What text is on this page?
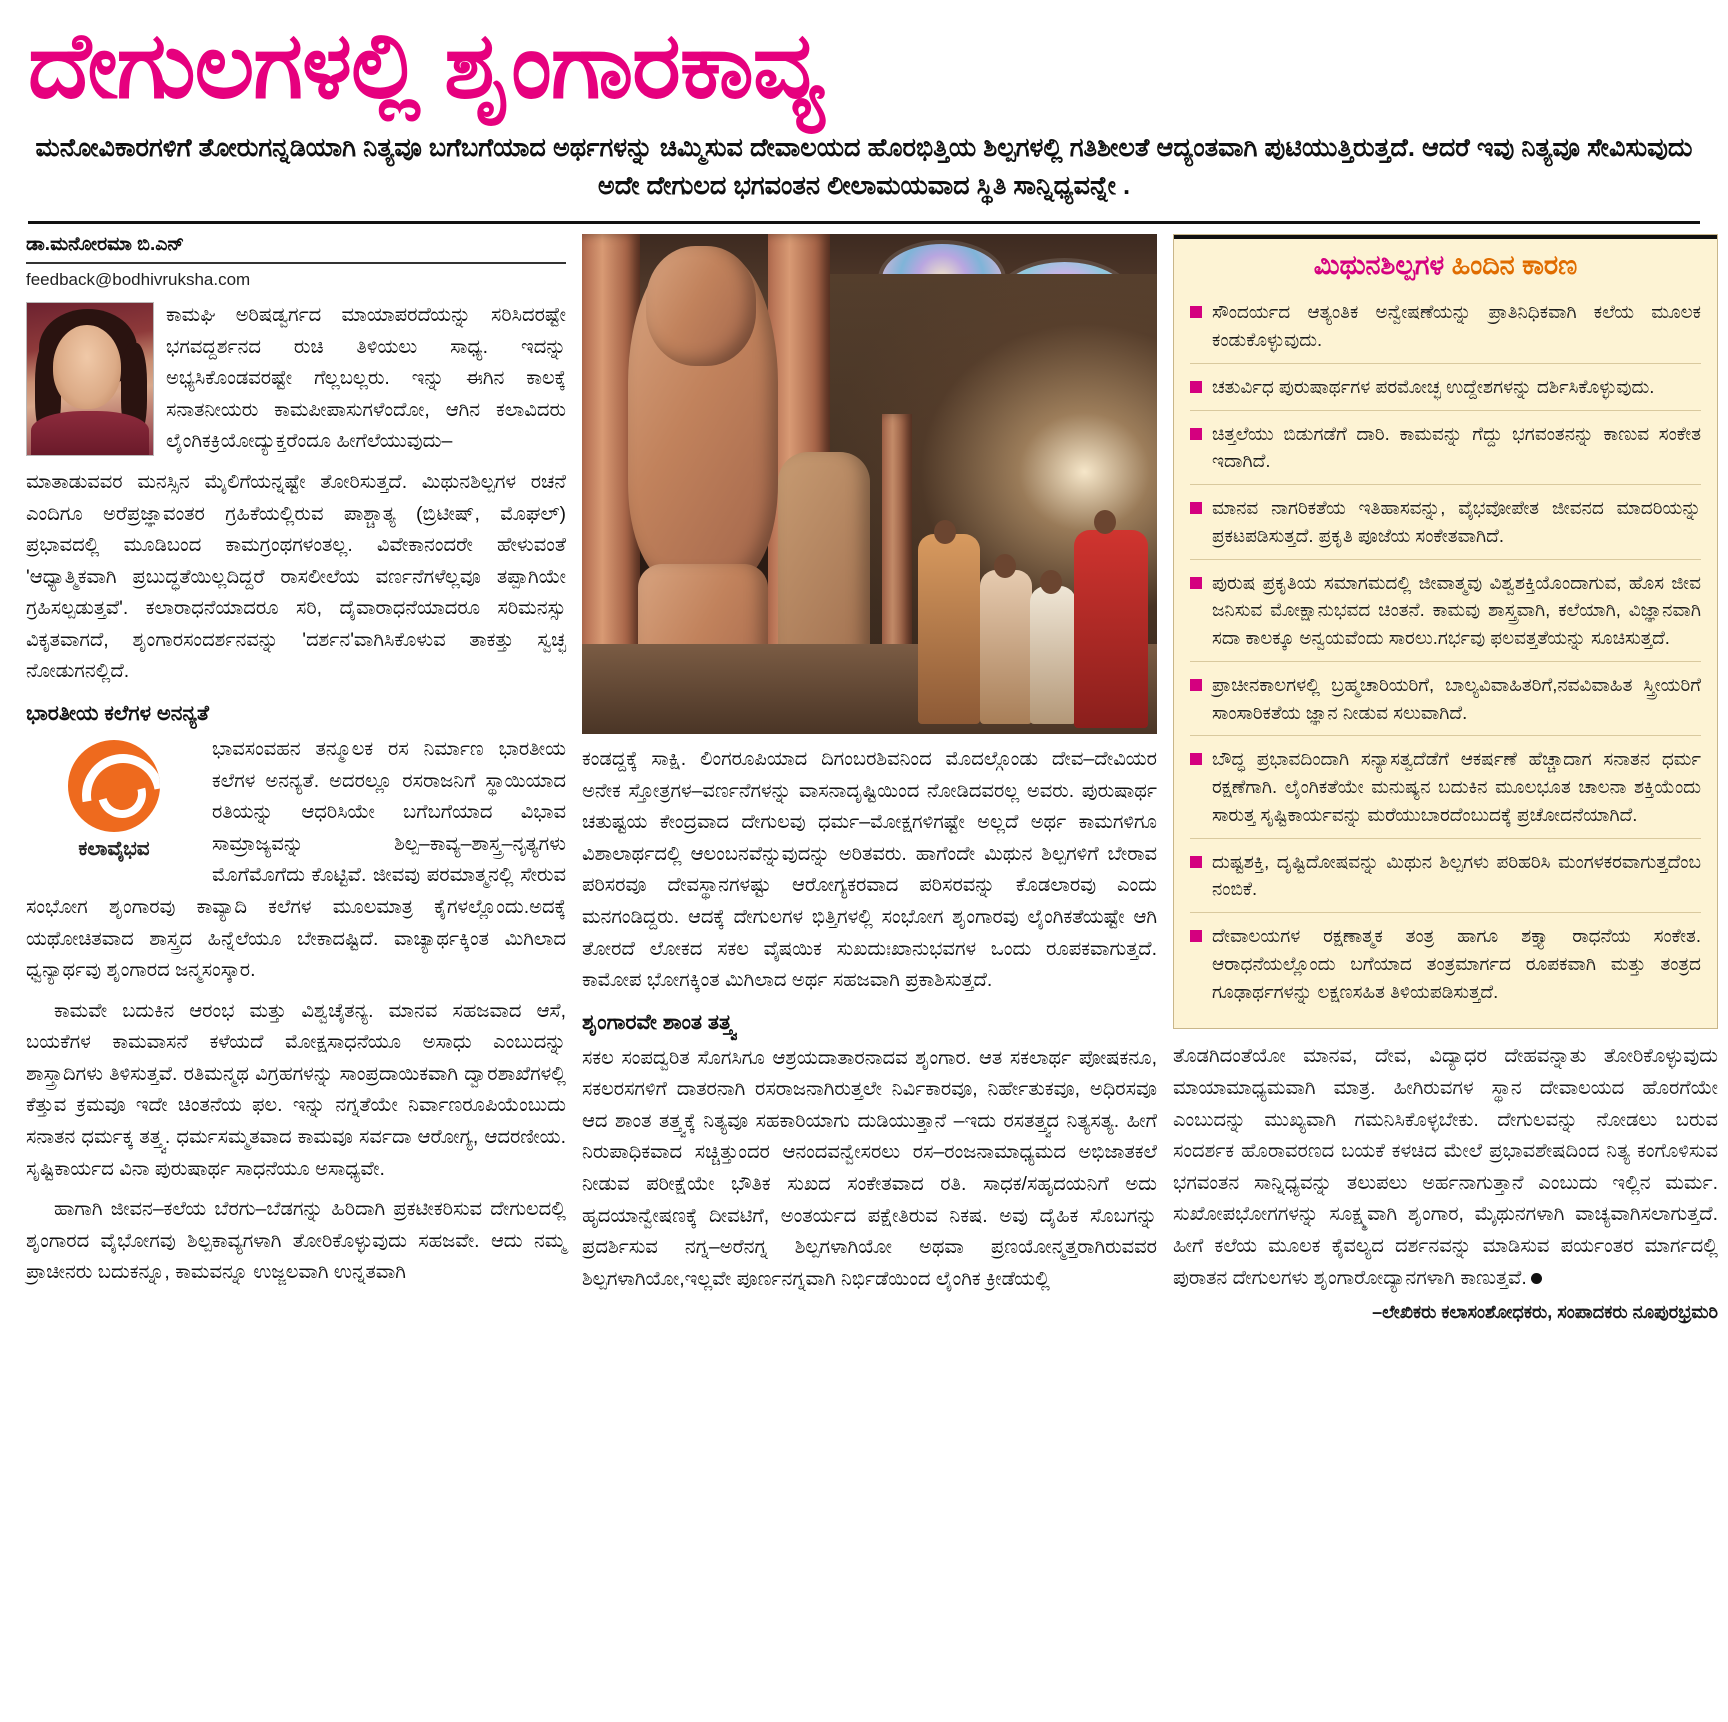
ದೇಗುಲಗಳಲ್ಲಿ ಶೃಂಗಾರಕಾವ್ಯ
ಮನೋವಿಕಾರಗಳಿಗೆ ತೋರುಗನ್ನಡಿಯಾಗಿ ನಿತ್ಯವೂ ಬಗೆಬಗೆಯಾದ ಅರ್ಥಗಳನ್ನು ಚಿಮ್ಮಿಸುವ ದೇವಾಲಯದ ಹೊರಭಿತ್ತಿಯ ಶಿಲ್ಪಗಳಲ್ಲಿ ಗತಿಶೀಲತೆ ಆದ್ಯಂತವಾಗಿ ಪುಟಿಯುತ್ತಿರುತ್ತದೆ. ಆದರೆ ಇವು ನಿತ್ಯವೂ ಸೇವಿಸುವುದು ಅದೇ ದೇಗುಲದ ಭಗವಂತನ ಲೀಲಾಮಯವಾದ ಸ್ಥಿತಿ ಸಾನ್ನಿಧ್ಯವನ್ನೇ .
ಡಾ.ಮನೋರಮಾ ಬಿ.ಎನ್
feedback@bodhivruksha.com

ಕಾಮಘಿ ಅರಿಷಡ್ವರ್ಗದ ಮಾಯಾಪರದೆಯನ್ನು ಸರಿಸಿದರಷ್ಟೇ ಭಗವದ್ದರ್ಶನದ ರುಚಿ ತಿಳಿಯಲು ಸಾಧ್ಯ. ಇದನ್ನು ಅಭ್ಯಸಿಕೊಂಡವರಷ್ಟೇ ಗೆಲ್ಲಬಲ್ಲರು. ಇನ್ನು ಈಗಿನ ಕಾಲಕ್ಕೆ ಸನಾತನೀಯರು ಕಾಮಪೀಪಾಸುಗಳೆಂದೋ, ಆಗಿನ ಕಲಾವಿದರು ಲೈಂಗಿಕಕ್ರಿಯೋದ್ಯುಕ್ತರೆಂದೂ ಹೀಗೆಲೆಯುವುದು–

ಮಾತಾಡುವವರ ಮನಸ್ಸಿನ ಮೈಲಿಗೆಯನ್ನಷ್ಟೇ ತೋರಿಸುತ್ತದೆ. ಮಿಥುನಶಿಲ್ಪಗಳ ರಚನೆ ಎಂದಿಗೂ ಅರೆಪ್ರಜ್ಞಾವಂತರ ಗ್ರಹಿಕೆಯಲ್ಲಿರುವ ಪಾಶ್ಚಾತ್ಯ (ಬ್ರಿಟೀಷ್, ಮೊಘಲ್) ಪ್ರಭಾವದಲ್ಲಿ ಮೂಡಿಬಂದ ಕಾಮಗ್ರಂಥಗಳಂತಲ್ಲ. ವಿವೇಕಾನಂದರೇ ಹೇಳುವಂತೆ 'ಆಧ್ಯಾತ್ಮಿಕವಾಗಿ ಪ್ರಬುದ್ಧತೆಯಿಲ್ಲದಿದ್ದರೆ ರಾಸಲೀಲೆಯ ವರ್ಣನೆಗಳೆಲ್ಲವೂ ತಪ್ಪಾಗಿಯೇ ಗ್ರಹಿಸಲ್ಪಡುತ್ತವೆ'. ಕಲಾರಾಧನೆಯಾದರೂ ಸರಿ, ದೈವಾರಾಧನೆಯಾದರೂ ಸರಿಮನಸ್ಸು ವಿಕೃತವಾಗದೆ, ಶೃಂಗಾರಸಂದರ್ಶನವನ್ನು 'ದರ್ಶನ'ವಾಗಿಸಿಕೊಳುವ ತಾಕತ್ತು ಸ್ವಚ್ಛ ನೋಡುಗನಲ್ಲಿದೆ.

ಭಾರತೀಯ ಕಲೆಗಳ ಅನನ್ಯತೆ
ಕಲಾವೈಭವ

ಭಾವಸಂವಹನ ತನ್ಮೂಲಕ ರಸ ನಿರ್ಮಾಣ ಭಾರತೀಯ ಕಲೆಗಳ ಅನನ್ಯತೆ. ಅದರಲ್ಲೂ ರಸರಾಜನಿಗೆ ಸ್ಥಾಯಿಯಾದ ರತಿಯನ್ನು ಆಧರಿಸಿಯೇ ಬಗೆಬಗೆಯಾದ ವಿಭಾವ ಸಾಮ್ರಾಜ್ಯವನ್ನು ಶಿಲ್ಪ–ಕಾವ್ಯ–ಶಾಸ್ತ್ರ–ನೃತ್ಯಗಳು ಮೊಗೆಮೊಗೆದು ಕೊಟ್ಟಿವೆ. ಜೀವವು ಪರಮಾತ್ಮನಲ್ಲಿ ಸೇರುವ ಸಂಭೋಗ ಶೃಂಗಾರವು ಕಾವ್ಯಾದಿ ಕಲೆಗಳ ಮೂಲಮಾತ್ರ ಕೈಗಳಲ್ಲೊಂದು.ಅದಕ್ಕೆ ಯಥೋಚಿತವಾದ ಶಾಸ್ತ್ರದ ಹಿನ್ನೆಲೆಯೂ ಬೇಕಾದಷ್ಟಿದೆ. ವಾಚ್ಯಾರ್ಥಕ್ಕಿಂತ ಮಿಗಿಲಾದ ಧ್ವನ್ಯಾರ್ಥವು ಶೃಂಗಾರದ ಜನ್ಮಸಂಸ್ಕಾರ.

ಕಾಮವೇ ಬದುಕಿನ ಆರಂಭ ಮತ್ತು ವಿಶ್ವಚೈತನ್ಯ. ಮಾನವ ಸಹಜವಾದ ಆಸೆ, ಬಯಕೆಗಳ ಕಾಮವಾಸನೆ ಕಳೆಯದೆ ಮೋಕ್ಷಸಾಧನೆಯೂ ಅಸಾಧು ಎಂಬುದನ್ನು ಶಾಸ್ತ್ರಾದಿಗಳು ತಿಳಿಸುತ್ತವೆ. ರತಿಮನ್ಮಥ ವಿಗ್ರಹಗಳನ್ನು ಸಾಂಪ್ರದಾಯಿಕವಾಗಿ ದ್ವಾರಶಾಖೆಗಳಲ್ಲಿ ಕೆತ್ತುವ ಕ್ರಮವೂ ಇದೇ ಚಿಂತನೆಯ ಫಲ. ಇನ್ನು ನಗ್ನತೆಯೇ ನಿರ್ವಾಣರೂಪಿಯೆಂಬುದು ಸನಾತನ ಧರ್ಮಕ್ಕ ತತ್ತ್ವ. ಧರ್ಮಸಮ್ಮತವಾದ ಕಾಮವೂ ಸರ್ವದಾ ಆರೋಗ್ಯ, ಆದರಣೀಯ. ಸೃಷ್ಟಿಕಾರ್ಯದ ವಿನಾ ಪುರುಷಾರ್ಥ ಸಾಧನೆಯೂ ಅಸಾಧ್ಯವೇ.

ಹಾಗಾಗಿ ಜೀವನ–ಕಲೆಯ ಬೆರಗು–ಬೆಡಗನ್ನು ಹಿರಿದಾಗಿ ಪ್ರಕಟೀಕರಿಸುವ ದೇಗುಲದಲ್ಲಿ ಶೃಂಗಾರದ ವೈಭೋಗವು ಶಿಲ್ಪಕಾವ್ಯಗಳಾಗಿ ತೋರಿಕೊಳ್ಳುವುದು ಸಹಜವೇ. ಆದು ನಮ್ಮ ಪ್ರಾಚೀನರು ಬದುಕನ್ನೂ, ಕಾಮವನ್ನೂ ಉಜ್ಜಲವಾಗಿ ಉನ್ನತವಾಗಿ

ಕಂಡದ್ದಕ್ಕೆ ಸಾಕ್ಷಿ. ಲಿಂಗರೂಪಿಯಾದ ದಿಗಂಬರಶಿವನಿಂದ ಮೊದಲ್ಗೊಂಡು ದೇವ–ದೇವಿಯರ ಅನೇಕ ಸ್ತೋತ್ರಗಳ–ವರ್ಣನೆಗಳನ್ನು ವಾಸನಾದೃಷ್ಟಿಯಿಂದ ನೋಡಿದವರಲ್ಲ ಅವರು. ಪುರುಷಾರ್ಥ ಚತುಷ್ಟಯ ಕೇಂದ್ರವಾದ ದೇಗುಲವು ಧರ್ಮ–ಮೋಕ್ಷಗಳಿಗಷ್ಟೇ ಅಲ್ಲದೆ ಅರ್ಥ ಕಾಮಗಳಿಗೂ ವಿಶಾಲಾರ್ಥದಲ್ಲಿ ಆಲಂಬನವೆನ್ನುವುದನ್ನು ಅರಿತವರು. ಹಾಗೆಂದೇ ಮಿಥುನ ಶಿಲ್ಪಗಳಿಗೆ ಬೇರಾವ ಪರಿಸರವೂ ದೇವಸ್ಥಾನಗಳಷ್ಟು ಆರೋಗ್ಯಕರವಾದ ಪರಿಸರವನ್ನು ಕೊಡಲಾರವು ಎಂದು ಮನಗಂಡಿದ್ದರು. ಆದಕ್ಕೆ ದೇಗುಲಗಳ ಭಿತ್ತಿಗಳಲ್ಲಿ ಸಂಭೋಗ ಶೃಂಗಾರವು ಲೈಂಗಿಕತೆಯಷ್ಟೇ ಆಗಿ ತೋರದೆ ಲೋಕದ ಸಕಲ ವೈಷಯಿಕ ಸುಖದುಃಖಾನುಭವಗಳ ಒಂದು ರೂಪಕವಾಗುತ್ತದೆ. ಕಾಮೋಪ ಭೋಗಕ್ಕಿಂತ ಮಿಗಿಲಾದ ಅರ್ಥ ಸಹಜವಾಗಿ ಪ್ರಕಾಶಿಸುತ್ತದೆ.

ಶೃಂಗಾರವೇ ಶಾಂತ ತತ್ತ್ವ

ಸಕಲ ಸಂಪದ್ವರಿತ ಸೊಗಸಿಗೂ ಆಶ್ರಯದಾತಾರನಾದವ ಶೃಂಗಾರ. ಆತ ಸಕಲಾರ್ಥ ಪೋಷಕನೂ, ಸಕಲರಸಗಳಿಗೆ ದಾತರನಾಗಿ ರಸರಾಜನಾಗಿರುತ್ತಲೇ ನಿರ್ವಿಕಾರವೂ, ನಿರ್ಹೇತುಕವೂ, ಅಧಿರಸವೂ ಆದ ಶಾಂತ ತತ್ತ್ವಕ್ಕೆ ನಿತ್ಯವೂ ಸಹಕಾರಿಯಾಗು ದುಡಿಯುತ್ತಾನೆ –ಇದು ರಸತತ್ತ್ವದ ನಿತ್ಯಸತ್ಯ. ಹೀಗೆ ನಿರುಪಾಧಿಕವಾದ ಸಚ್ಚಿತ್ತುಂದರ ಆನಂದವನ್ವೇಸರಲು ರಸ–ರಂಜನಾಮಾಧ್ಯಮದ ಅಭಿಜಾತಕಲೆ ನೀಡುವ ಪರೀಕ್ಷೆಯೇ ಭೌತಿಕ ಸುಖದ ಸಂಕೇತವಾದ ರತಿ. ಸಾಧಕ/ಸಹೃದಯನಿಗೆ ಅದು ಹೃದಯಾನ್ವೇಷಣಕ್ಕೆ ದೀವಟಿಗೆ, ಅಂತರ್ಯದ ಪಕ್ಷೇತಿರುವ ನಿಕಷ. ಅವು ದೈಹಿಕ ಸೊಬಗನ್ನು ಪ್ರದರ್ಶಿಸುವ ನಗ್ನ–ಅರೆನಗ್ನ ಶಿಲ್ಪಗಳಾಗಿಯೋ ಅಥವಾ ಪ್ರಣಯೋನ್ಮತ್ತರಾಗಿರುವವರ ಶಿಲ್ಪಗಳಾಗಿಯೋ,ಇಲ್ಲವೇ ಪೂರ್ಣನಗ್ನವಾಗಿ ನಿರ್ಭಿಡೆಯಿಂದ ಲೈಂಗಿಕ ಕ್ರೀಡೆಯಲ್ಲಿ

ಮಿಥುನಶಿಲ್ಪಗಳ ಹಿಂದಿನ ಕಾರಣ
ಸೌಂದರ್ಯದ ಆತ್ಯಂತಿಕ ಅನ್ವೇಷಣೆಯನ್ನು ಪ್ರಾತಿನಿಧಿಕವಾಗಿ ಕಲೆಯ ಮೂಲಕ ಕಂಡುಕೊಳ್ಳುವುದು.
ಚತುರ್ವಿಧ ಪುರುಷಾರ್ಥಗಳ ಪರಮೋಚ್ಛ ಉದ್ದೇಶಗಳನ್ನು ದರ್ಶಿಸಿಕೊಳ್ಳುವುದು.
ಚಿತ್ತಲೆಯು ಬಿಡುಗಡೆಗೆ ದಾರಿ. ಕಾಮವನ್ನು ಗೆದ್ದು ಭಗವಂತನನ್ನು ಕಾಣುವ ಸಂಕೇತ ಇದಾಗಿದೆ.
ಮಾನವ ನಾಗರಿಕತೆಯ ಇತಿಹಾಸವನ್ನು, ವೈಭವೋಪೇತ ಜೀವನದ ಮಾದರಿಯನ್ನು ಪ್ರಕಟಪಡಿಸುತ್ತದೆ. ಪ್ರಕೃತಿ ಪೂಜೆಯ ಸಂಕೇತವಾಗಿದೆ.
ಪುರುಷ ಪ್ರಕೃತಿಯ ಸಮಾಗಮದಲ್ಲಿ ಜೀವಾತ್ಮವು ವಿಶ್ವಶಕ್ತಿಯೊಂದಾಗುವ, ಹೊಸ ಜೀವ ಜನಿಸುವ ಮೋಕ್ಷಾನುಭವದ ಚಿಂತನೆ. ಕಾಮವು ಶಾಸ್ತ್ರವಾಗಿ, ಕಲೆಯಾಗಿ, ವಿಜ್ಞಾನವಾಗಿ ಸದಾ ಕಾಲಕ್ಕೂ ಅನ್ವಯವೆಂದು ಸಾರಲು.ಗರ್ಭವು ಫಲವತ್ತತೆಯನ್ನು ಸೂಚಿಸುತ್ತದೆ.
ಪ್ರಾಚೀನಕಾಲಗಳಲ್ಲಿ ಬ್ರಹ್ಮಚಾರಿಯರಿಗೆ, ಬಾಲ್ಯವಿವಾಹಿತರಿಗೆ,ನವವಿವಾಹಿತ ಸ್ತ್ರೀಯರಿಗೆ ಸಾಂಸಾರಿಕತೆಯ ಜ್ಞಾನ ನೀಡುವ ಸಲುವಾಗಿದೆ.
ಬೌದ್ಧ ಪ್ರಭಾವದಿಂದಾಗಿ ಸನ್ಯಾಸತ್ವದೆಡೆಗೆ ಆಕರ್ಷಣೆ ಹೆಚ್ಚಾದಾಗ ಸನಾತನ ಧರ್ಮ ರಕ್ಷಣೆಗಾಗಿ. ಲೈಂಗಿಕತೆಯೇ ಮನುಷ್ಯನ ಬದುಕಿನ ಮೂಲಭೂತ ಚಾಲನಾ ಶಕ್ತಿಯೆಂದು ಸಾರುತ್ತ ಸೃಷ್ಟಿಕಾರ್ಯವನ್ನು ಮರೆಯುಬಾರದೆಂಬುದಕ್ಕೆ ಪ್ರಚೋದನೆಯಾಗಿದೆ.
ದುಷ್ಟಶಕ್ತಿ, ದೃಷ್ಟಿದೋಷವನ್ನು ಮಿಥುನ ಶಿಲ್ಪಗಳು ಪರಿಹರಿಸಿ ಮಂಗಳಕರವಾಗುತ್ತದೆಂಬ ನಂಬಿಕೆ.
ದೇವಾಲಯಗಳ ರಕ್ಷಣಾತ್ಮಕ ತಂತ್ರ ಹಾಗೂ ಶಕ್ತ್ಯಾ ರಾಧನೆಯ ಸಂಕೇತ. ಆರಾಧನೆಯಲ್ಲೊಂದು ಬಗೆಯಾದ ತಂತ್ರಮಾರ್ಗದ ರೂಪಕವಾಗಿ ಮತ್ತು ತಂತ್ರದ ಗೂಢಾರ್ಥಗಳನ್ನು ಲಕ್ಷಣಸಹಿತ ತಿಳಿಯಪಡಿಸುತ್ತದೆ.
ತೊಡಗಿದಂತೆಯೋ ಮಾನವ, ದೇವ, ವಿದ್ಯಾಧರ ದೇಹವನ್ನಾತು ತೋರಿಕೊಳ್ಳುವುದು ಮಾಯಾಮಾಧ್ಯಮವಾಗಿ ಮಾತ್ರ. ಹೀಗಿರುವಗಳ ಸ್ಥಾನ ದೇವಾಲಯದ ಹೊರಗೆಯೇ ಎಂಬುದನ್ನು ಮುಖ್ಯವಾಗಿ ಗಮನಿಸಿಕೊಳ್ಳಬೇಕು. ದೇಗುಲವನ್ನು ನೋಡಲು ಬರುವ ಸಂದರ್ಶಕ ಹೊರಾವರಣದ ಬಯಕೆ ಕಳಚಿದ ಮೇಲೆ ಪ್ರಭಾವಶೇಷದಿಂದ ನಿತ್ಯ ಕಂಗೊಳಿಸುವ ಭಗವಂತನ ಸಾನ್ನಿಧ್ಯವನ್ನು ತಲುಪಲು ಅರ್ಹನಾಗುತ್ತಾನೆ ಎಂಬುದು ಇಲ್ಲಿನ ಮರ್ಮ. ಸುಖೋಪಭೋಗಗಳನ್ನು ಸೂಕ್ಷ್ಮವಾಗಿ ಶೃಂಗಾರ, ಮೈಥುನಗಳಾಗಿ ವಾಚ್ಯವಾಗಿಸಲಾಗುತ್ತದೆ. ಹೀಗೆ ಕಲೆಯ ಮೂಲಕ ಕೈವಲ್ಯದ ದರ್ಶನವನ್ನು ಮಾಡಿಸುವ ಪರ್ಯಂತರ ಮಾರ್ಗದಲ್ಲಿ ಪುರಾತನ ದೇಗುಲಗಳು ಶೃಂಗಾರೋದ್ಯಾನಗಳಾಗಿ ಕಾಣುತ್ತವೆ.
–ಲೇಖಿಕರು ಕಲಾಸಂಶೋಧಕರು, ಸಂಪಾದಕರು ನೂಪುರಭ್ರಮರಿ
